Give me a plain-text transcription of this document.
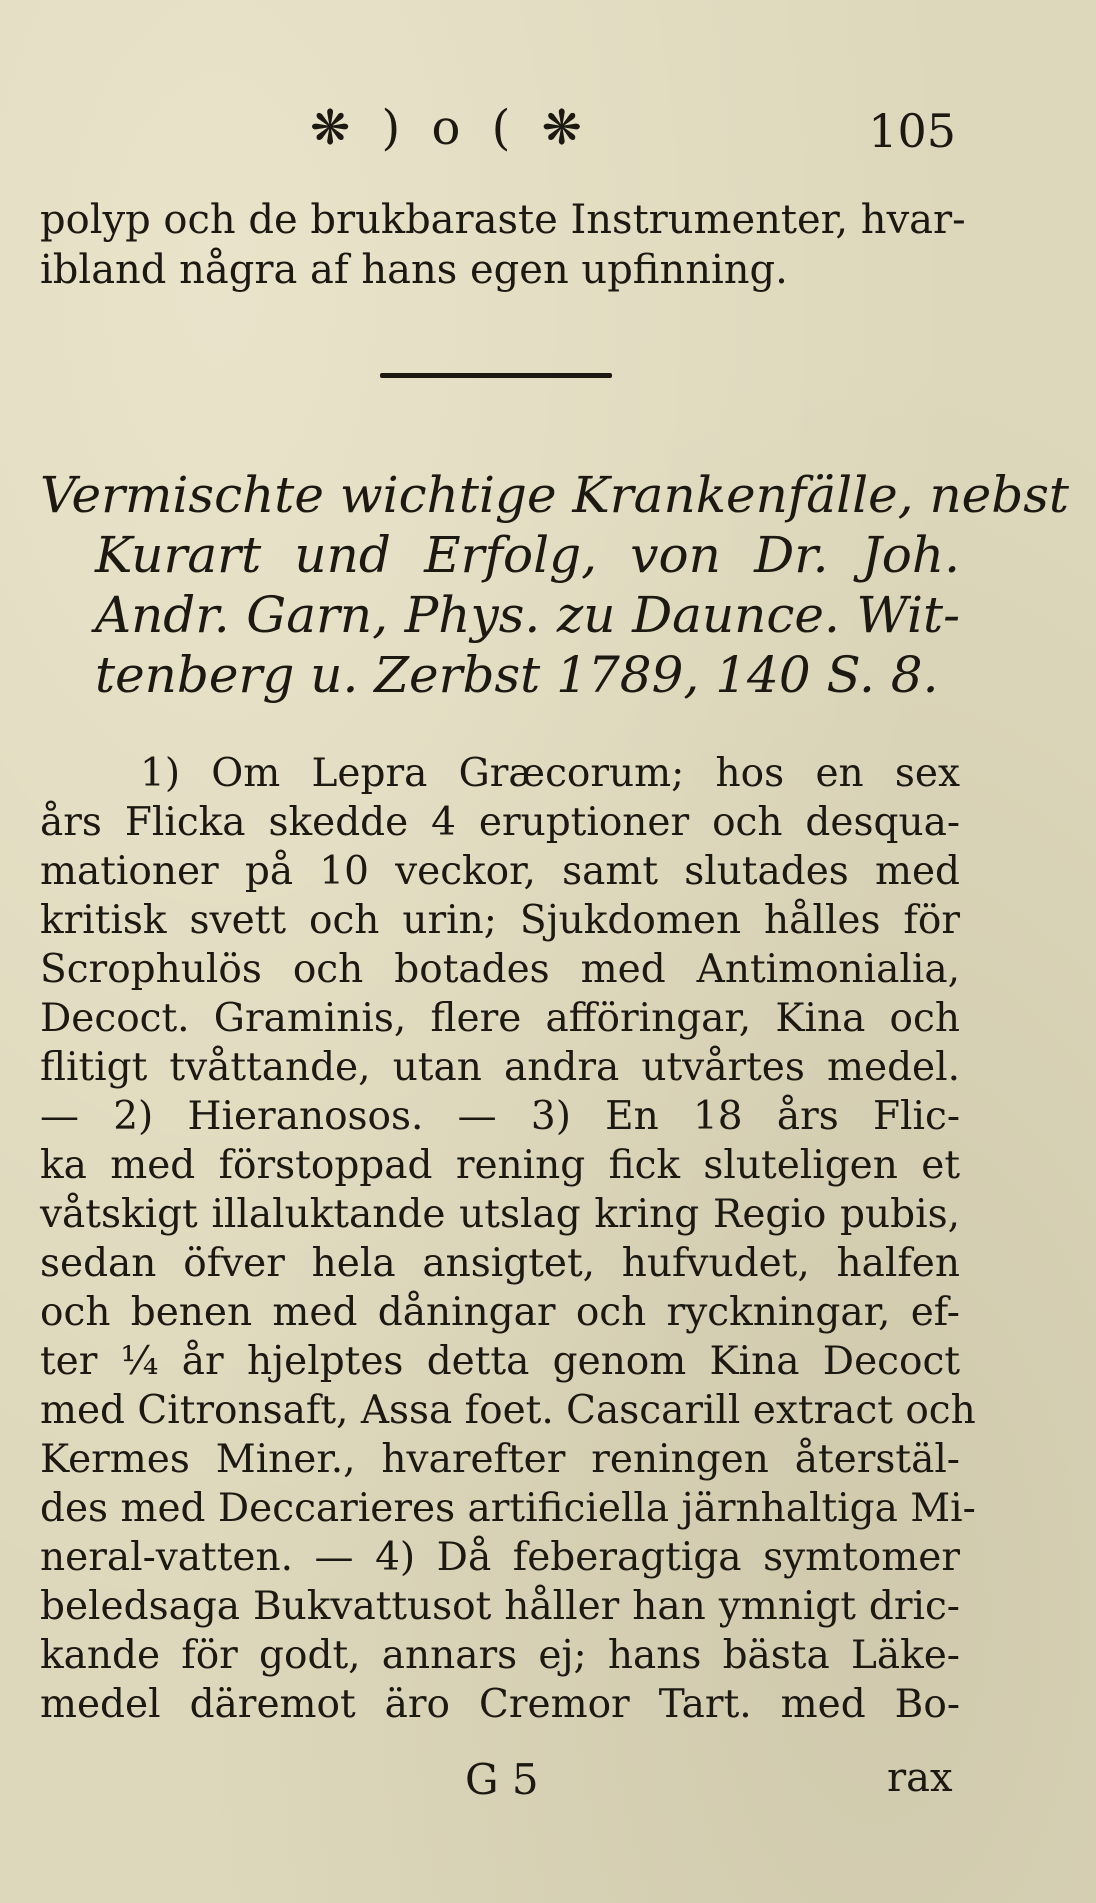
❋ ) o ( ❋	105
polyp och de brukbaraste Instrumenter, hvar-
ibland några af hans egen upfinning.
Vermischte wichtige Krankenfälle, nebst
Kurart und Erfolg, von Dr. Joh.
Andr. Garn, Phys. zu Daunce. Wit-
tenberg u. Zerbst 1789, 140 S. 8.
1) Om Lepra Græcorum; hos en sex
års Flicka skedde 4 eruptioner och desqua-
mationer på 10 veckor, samt slutades med
kritisk svett och urin; Sjukdomen hålles för
Scrophulös och botades med Antimonialia,
Decoct. Graminis, flere afföringar, Kina och
flitigt tvåttande, utan andra utvårtes medel.
— 2) Hieranosos. — 3) En 18 års Flic-
ka med förstoppad rening fick sluteligen et
våtskigt illaluktande utslag kring Regio pubis,
sedan öfver hela ansigtet, hufvudet, halfen
och benen med dåningar och ryckningar, ef-
ter ¼ år hjelptes detta genom Kina Decoct
med Citronsaft, Assa foet. Cascarill extract och
Kermes Miner., hvarefter reningen återstäl-
des med Deccarieres artificiella järnhaltiga Mi-
neral-vatten. — 4) Då feberagtiga symtomer
beledsaga Bukvattusot håller han ymnigt dric-
kande för godt, annars ej; hans bästa Läke-
medel däremot äro Cremor Tart. med Bo-
G 5	rax
